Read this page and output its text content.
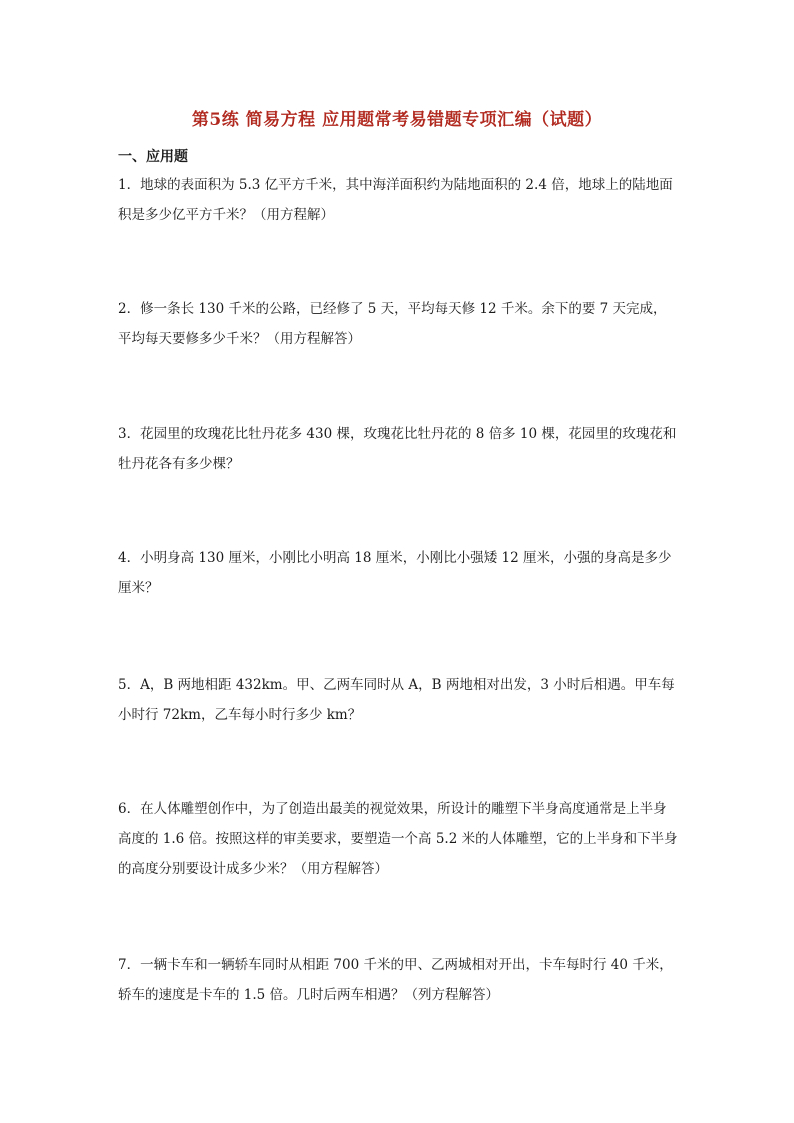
第5练 简易方程 应用题常考易错题专项汇编（试题）
一、应用题
1．地球的表面积为 5.3 亿平方千米，其中海洋面积约为陆地面积的 2.4 倍，地球上的陆地面积是多少亿平方千米？（用方程解）
2．修一条长 130 千米的公路，已经修了 5 天，平均每天修 12 千米。余下的要 7 天完成，平均每天要修多少千米？（用方程解答）
3．花园里的玫瑰花比牡丹花多 430 棵，玫瑰花比牡丹花的 8 倍多 10 棵，花园里的玫瑰花和牡丹花各有多少棵？
4．小明身高 130 厘米，小刚比小明高 18 厘米，小刚比小强矮 12 厘米，小强的身高是多少厘米？
5．A，B 两地相距 432km。甲、乙两车同时从 A，B 两地相对出发，3 小时后相遇。甲车每小时行 72km，乙车每小时行多少 km？
6．在人体雕塑创作中，为了创造出最美的视觉效果，所设计的雕塑下半身高度通常是上半身高度的 1.6 倍。按照这样的审美要求，要塑造一个高 5.2 米的人体雕塑，它的上半身和下半身的高度分别要设计成多少米？（用方程解答）
7．一辆卡车和一辆轿车同时从相距 700 千米的甲、乙两城相对开出，卡车每时行 40 千米，轿车的速度是卡车的 1.5 倍。几时后两车相遇？（列方程解答）
